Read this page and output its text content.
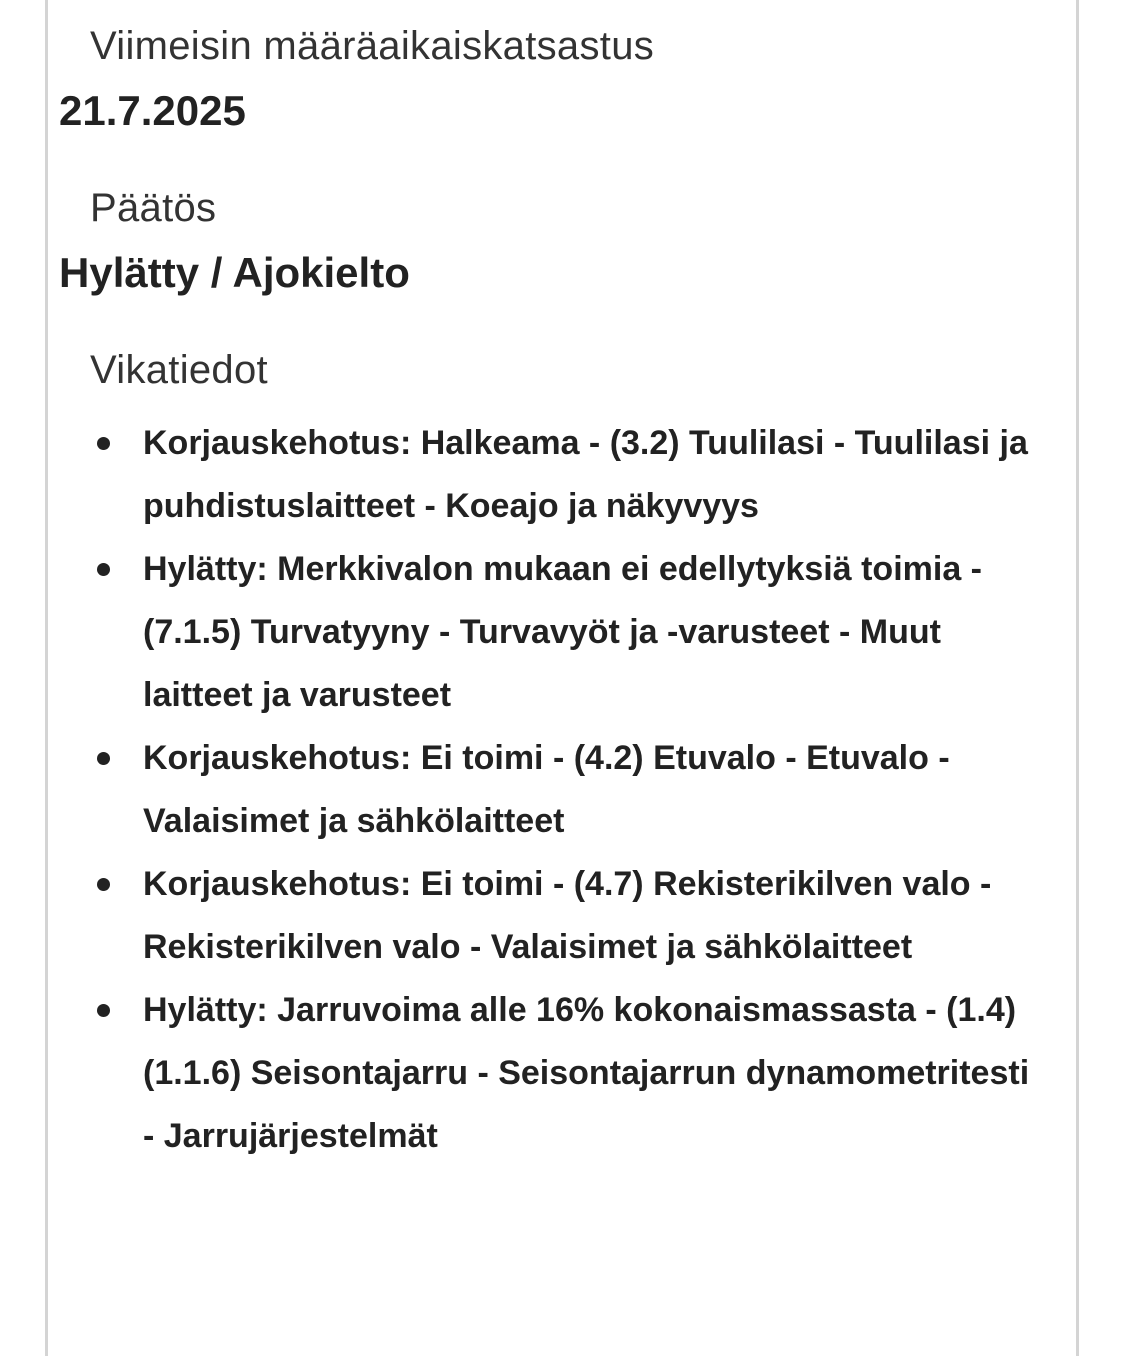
Viimeisin määräaikaiskatsastus
21.7.2025
Päätös
Hylätty / Ajokielto
Vikatiedot
Korjauskehotus: Halkeama - (3.2) Tuulilasi - Tuulilasi ja puhdistuslaitteet - Koeajo ja näkyvyys
Hylätty: Merkkivalon mukaan ei edellytyksiä toimia - (7.1.5) Turvatyyny - Turvavyöt ja -varusteet - Muut laitteet ja varusteet
Korjauskehotus: Ei toimi - (4.2) Etuvalo - Etuvalo - Valaisimet ja sähkölaitteet
Korjauskehotus: Ei toimi - (4.7) Rekisterikilven valo - Rekisterikilven valo - Valaisimet ja sähkölaitteet
Hylätty: Jarruvoima alle 16% kokonaismassasta - (1.4)(1.1.6) Seisontajarru - Seisontajarrun dynamometritesti - Jarrujärjestelmät
